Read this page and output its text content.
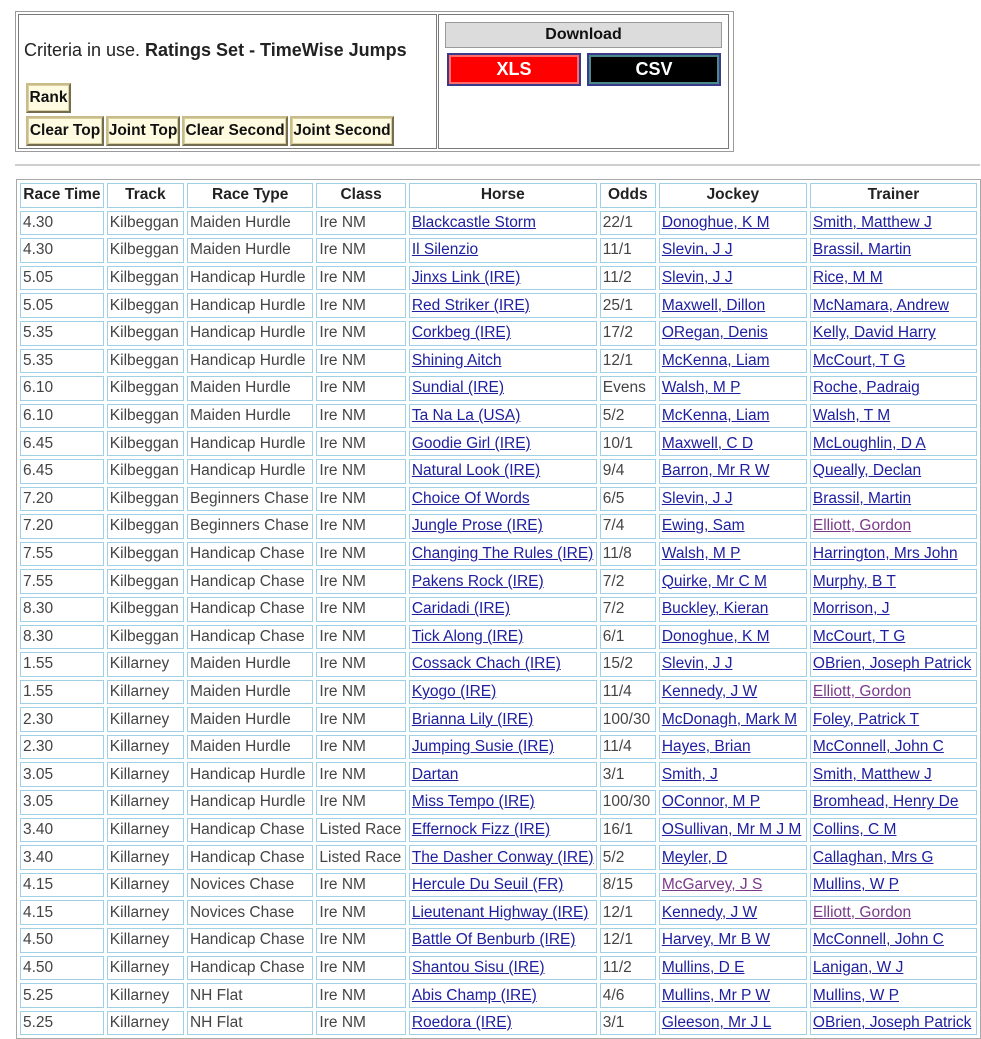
Criteria in use. Ratings Set - TimeWise Jumps
Rank
Clear Top Joint Top Clear Second Joint Second
Download
XLS	CSV
Race Time	Track	Race Type	Class	Horse	Odds	Jockey	Trainer
4.30	Kilbeggan	Maiden Hurdle	Ire NM	Blackcastle Storm	22/1	Donoghue, K M	Smith, Matthew J
4.30	Kilbeggan	Maiden Hurdle	Ire NM	Il Silenzio	11/1	Slevin, J J	Brassil, Martin
5.05	Kilbeggan	Handicap Hurdle	Ire NM	Jinxs Link (IRE)	11/2	Slevin, J J	Rice, M M
5.05	Kilbeggan	Handicap Hurdle	Ire NM	Red Striker (IRE)	25/1	Maxwell, Dillon	McNamara, Andrew
5.35	Kilbeggan	Handicap Hurdle	Ire NM	Corkbeg (IRE)	17/2	ORegan, Denis	Kelly, David Harry
5.35	Kilbeggan	Handicap Hurdle	Ire NM	Shining Aitch	12/1	McKenna, Liam	McCourt, T G
6.10	Kilbeggan	Maiden Hurdle	Ire NM	Sundial (IRE)	Evens	Walsh, M P	Roche, Padraig
6.10	Kilbeggan	Maiden Hurdle	Ire NM	Ta Na La (USA)	5/2	McKenna, Liam	Walsh, T M
6.45	Kilbeggan	Handicap Hurdle	Ire NM	Goodie Girl (IRE)	10/1	Maxwell, C D	McLoughlin, D A
6.45	Kilbeggan	Handicap Hurdle	Ire NM	Natural Look (IRE)	9/4	Barron, Mr R W	Queally, Declan
7.20	Kilbeggan	Beginners Chase	Ire NM	Choice Of Words	6/5	Slevin, J J	Brassil, Martin
7.20	Kilbeggan	Beginners Chase	Ire NM	Jungle Prose (IRE)	7/4	Ewing, Sam	Elliott, Gordon
7.55	Kilbeggan	Handicap Chase	Ire NM	Changing The Rules (IRE)	11/8	Walsh, M P	Harrington, Mrs John
7.55	Kilbeggan	Handicap Chase	Ire NM	Pakens Rock (IRE)	7/2	Quirke, Mr C M	Murphy, B T
8.30	Kilbeggan	Handicap Chase	Ire NM	Caridadi (IRE)	7/2	Buckley, Kieran	Morrison, J
8.30	Kilbeggan	Handicap Chase	Ire NM	Tick Along (IRE)	6/1	Donoghue, K M	McCourt, T G
1.55	Killarney	Maiden Hurdle	Ire NM	Cossack Chach (IRE)	15/2	Slevin, J J	OBrien, Joseph Patrick
1.55	Killarney	Maiden Hurdle	Ire NM	Kyogo (IRE)	11/4	Kennedy, J W	Elliott, Gordon
2.30	Killarney	Maiden Hurdle	Ire NM	Brianna Lily (IRE)	100/30	McDonagh, Mark M	Foley, Patrick T
2.30	Killarney	Maiden Hurdle	Ire NM	Jumping Susie (IRE)	11/4	Hayes, Brian	McConnell, John C
3.05	Killarney	Handicap Hurdle	Ire NM	Dartan	3/1	Smith, J	Smith, Matthew J
3.05	Killarney	Handicap Hurdle	Ire NM	Miss Tempo (IRE)	100/30	OConnor, M P	Bromhead, Henry De
3.40	Killarney	Handicap Chase	Listed Race	Effernock Fizz (IRE)	16/1	OSullivan, Mr M J M	Collins, C M
3.40	Killarney	Handicap Chase	Listed Race	The Dasher Conway (IRE)	5/2	Meyler, D	Callaghan, Mrs G
4.15	Killarney	Novices Chase	Ire NM	Hercule Du Seuil (FR)	8/15	McGarvey, J S	Mullins, W P
4.15	Killarney	Novices Chase	Ire NM	Lieutenant Highway (IRE)	12/1	Kennedy, J W	Elliott, Gordon
4.50	Killarney	Handicap Chase	Ire NM	Battle Of Benburb (IRE)	12/1	Harvey, Mr B W	McConnell, John C
4.50	Killarney	Handicap Chase	Ire NM	Shantou Sisu (IRE)	11/2	Mullins, D E	Lanigan, W J
5.25	Killarney	NH Flat	Ire NM	Abis Champ (IRE)	4/6	Mullins, Mr P W	Mullins, W P
5.25	Killarney	NH Flat	Ire NM	Roedora (IRE)	3/1	Gleeson, Mr J L	OBrien, Joseph Patrick
